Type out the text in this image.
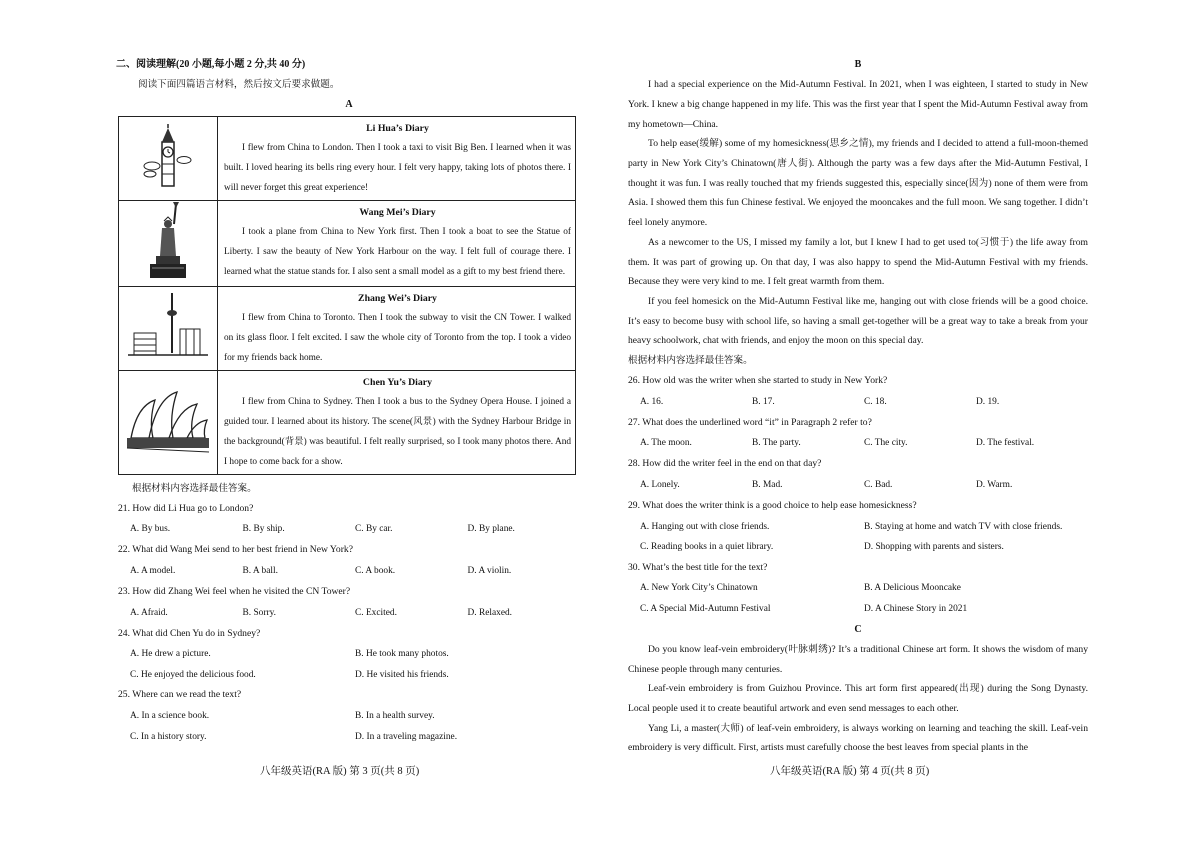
二、阅读理解(20 小题,每小题 2 分,共 40 分)
阅读下面四篇语言材料，然后按文后要求做题。
A

Li Hua’s Diary

I flew from China to London. Then I took a taxi to visit Big Ben. I learned when it was built. I loved hearing its bells ring every hour. I felt very happy, taking lots of photos there. I will never forget this great experience!

Wang Mei’s Diary

I took a plane from China to New York first. Then I took a boat to see the Statue of Liberty. I saw the beauty of New York Harbour on the way. I felt full of courage there. I learned what the statue stands for. I also sent a small model as a gift to my best friend there.

Zhang Wei’s Diary

I flew from China to Toronto. Then I took the subway to visit the CN Tower. I walked on its glass floor. I felt excited. I saw the whole city of Toronto from the top. I took a video for my friends back home.

Chen Yu’s Diary

I flew from China to Sydney. Then I took a bus to the Sydney Opera House. I joined a guided tour. I learned about its history. The scene(风景) with the Sydney Harbour Bridge in the background(背景) was beautiful. I felt really surprised, so I took many photos there. And I hope to come back for a show.

根据材料内容选择最佳答案。
21. How did Li Hua go to London?
A. By bus.	B. By ship.	C. By car.	D. By plane.
22. What did Wang Mei send to her best friend in New York?
A. A model.	B. A ball.	C. A book.	D. A violin.
23. How did Zhang Wei feel when he visited the CN Tower?
A. Afraid.	B. Sorry.	C. Excited.	D. Relaxed.
24. What did Chen Yu do in Sydney?
A. He drew a picture.	B. He took many photos.
C. He enjoyed the delicious food.	D. He visited his friends.
25. Where can we read the text?
A. In a science book.	B. In a health survey.
C. In a history story.	D. In a traveling magazine.
八年级英语(RA 版) 第 3 页(共 8 页)
B

I had a special experience on the Mid-Autumn Festival. In 2021, when I was eighteen, I started to study in New York. I knew a big change happened in my life. This was the first year that I spent the Mid-Autumn Festival away from my hometown—China.

To help ease(缓解) some of my homesickness(思乡之情), my friends and I decided to attend a full-moon-themed party in New York City’s Chinatown(唐人街). Although the party was a few days after the Mid-Autumn Festival, I thought it was fun. I was really touched that my friends suggested this, especially since(因为) none of them were from Asia. I showed them this fun Chinese festival. We enjoyed the mooncakes and the full moon. We sang together. I didn’t feel lonely anymore.

As a newcomer to the US, I missed my family a lot, but I knew I had to get used to(习惯于) the life away from them. It was part of growing up. On that day, I was also happy to spend the Mid-Autumn Festival with my friends. Because they were very kind to me. I felt great warmth from them.

If you feel homesick on the Mid-Autumn Festival like me, hanging out with close friends will be a good choice. It’s easy to become busy with school life, so having a small get-together will be a great way to take a break from your heavy schoolwork, chat with friends, and enjoy the moon on this special day.

根据材料内容选择最佳答案。
26. How old was the writer when she started to study in New York?
A. 16.	B. 17.	C. 18.	D. 19.
27. What does the underlined word “it” in Paragraph 2 refer to?
A. The moon.	B. The party.	C. The city.	D. The festival.
28. How did the writer feel in the end on that day?
A. Lonely.	B. Mad.	C. Bad.	D. Warm.
29. What does the writer think is a good choice to help ease homesickness?
A. Hanging out with close friends.	B. Staying at home and watch TV with close friends.
C. Reading books in a quiet library.	D. Shopping with parents and sisters.
30. What’s the best title for the text?
A. New York City’s Chinatown	B. A Delicious Mooncake
C. A Special Mid-Autumn Festival	D. A Chinese Story in 2021
C

Do you know leaf-vein embroidery(叶脉刺绣)? It’s a traditional Chinese art form. It shows the wisdom of many Chinese people through many centuries.

Leaf-vein embroidery is from Guizhou Province. This art form first appeared(出现) during the Song Dynasty. Local people used it to create beautiful artwork and even send messages to each other.

Yang Li, a master(大师) of leaf-vein embroidery, is always working on learning and teaching the skill. Leaf-vein embroidery is very difficult. First, artists must carefully choose the best leaves from special plants in the

八年级英语(RA 版) 第 4 页(共 8 页)
